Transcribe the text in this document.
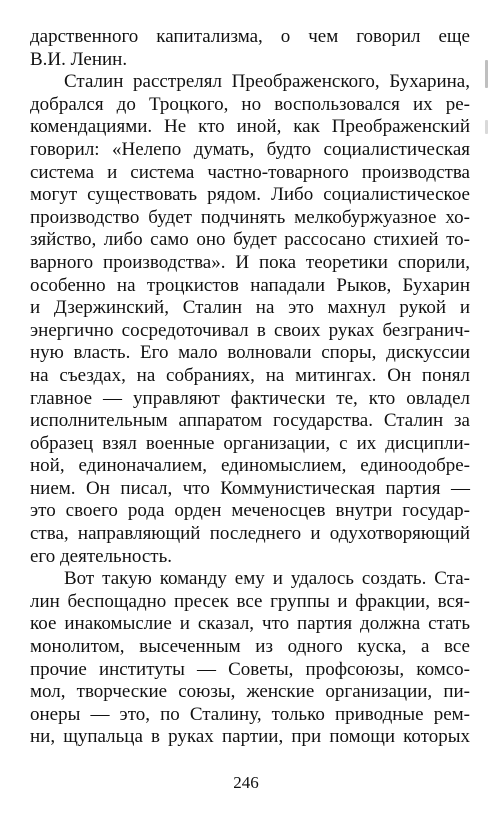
дарственного капитализма, о чем говорил еще
В.И. Ленин.
Сталин расстрелял Преображенского, Бухарина,
добрался до Троцкого, но воспользовался их ре-
комендациями. Не кто иной, как Преображенский
говорил: «Нелепо думать, будто социалистическая
система и система частно-товарного производства
могут существовать рядом. Либо социалистическое
производство будет подчинять мелкобуржуазное хо-
зяйство, либо само оно будет рассосано стихией то-
варного производства». И пока теоретики спорили,
особенно на троцкистов нападали Рыков, Бухарин
и Дзержинский, Сталин на это махнул рукой и
энергично сосредоточивал в своих руках безгранич-
ную власть. Его мало волновали споры, дискуссии
на съездах, на собраниях, на митингах. Он понял
главное — управляют фактически те, кто овладел
исполнительным аппаратом государства. Сталин за
образец взял военные организации, с их дисципли-
ной, единоначалием, единомыслием, единоодобре-
нием. Он писал, что Коммунистическая партия —
это своего рода орден меченосцев внутри государ-
ства, направляющий последнего и одухотворяющий
его деятельность.
Вот такую команду ему и удалось создать. Ста-
лин беспощадно пресек все группы и фракции, вся-
кое инакомыслие и сказал, что партия должна стать
монолитом, высеченным из одного куска, а все
прочие институты — Советы, профсоюзы, комсо-
мол, творческие союзы, женские организации, пи-
онеры — это, по Сталину, только приводные рем-
ни, щупальца в руках партии, при помощи которых
246
